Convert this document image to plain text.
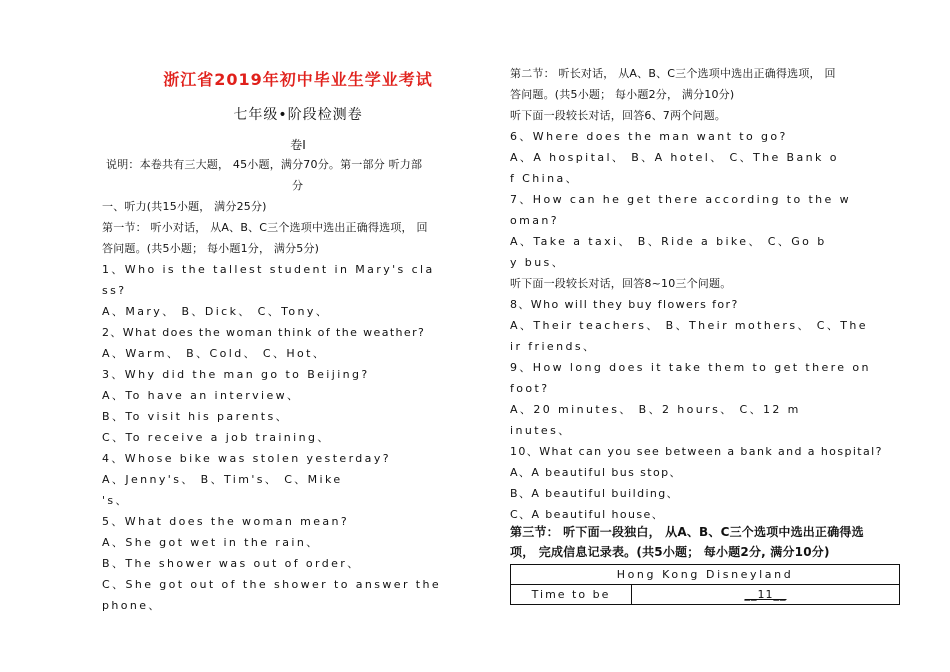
浙江省2019年初中毕业生学业考试
七年级•阶段检测卷
卷Ⅰ
说明：本卷共有三大题， 45小题，满分70分。第一部分 听力部
分
一、听力(共15小题， 满分25分)
第一节： 听小对话， 从A、B、C三个选项中选出正确得选项， 回
答问题。(共5小题； 每小题1分， 满分5分)
1、Who is the tallest student in Mary's cla
ss?
A、Mary、 B、Dick、 C、Tony、
2、What does the woman think of the weather?
A、Warm、 B、Cold、 C、Hot、
3、Why did the man go to Beijing?
A、To have an interview、
B、To visit his parents、
C、To receive a job training、
4、Whose bike was stolen yesterday?
A、Jenny's、 B、Tim's、 C、Mike
's、
5、What does the woman mean?
A、She got wet in the rain、
B、The shower was out of order、
C、She got out of the shower to answer the
phone、
第二节： 听长对话， 从A、B、C三个选项中选出正确得选项， 回
答问题。(共5小题； 每小题2分， 满分10分)
听下面一段较长对话，回答6、7两个问题。
6、Where does the man want to go?
A、A hospital、 B、A hotel、 C、The Bank o
f China、
7、How can he get there according to the w
oman?
A、Take a taxi、 B、Ride a bike、 C、Go b
y bus、
听下面一段较长对话，回答8~10三个问题。
8、Who will they buy flowers for?
A、Their teachers、 B、Their mothers、 C、The
ir friends、
9、How long does it take them to get there on
foot?
A、20 minutes、 B、2 hours、 C、12 m
inutes、
10、What can you see between a bank and a hospital?
A、A beautiful bus stop、
B、A beautiful building、
C、A beautiful house、
第三节： 听下面一段独白， 从A、B、C三个选项中选出正确得选
项， 完成信息记录表。(共5小题； 每小题2分, 满分10分)
Hong Kong Disneyland
Time to be	__11__
